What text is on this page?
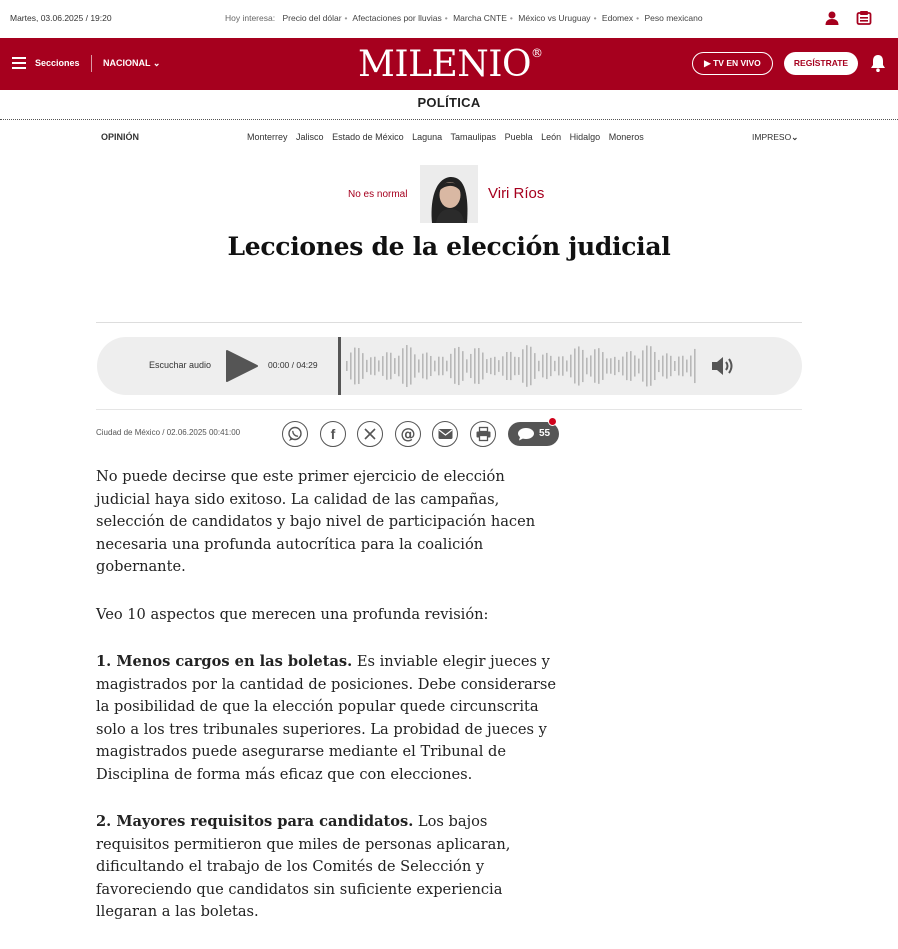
Martes, 03.06.2025 / 19:20	Hoy interesa: Precio del dólar • Afectaciones por lluvias • Marcha CNTE • México vs Uruguay • Edomex • Peso mexicano
Secciones	NACIONAL ⌄	MILENIO®
▶ TV EN VIVO	REGÍSTRATE
POLÍTICA
OPINIÓN	Monterrey Jalisco Estado de México Laguna Tamaulipas Puebla León Hidalgo Moneros	IMPRESO⌄
No es normal	Viri Ríos
Lecciones de la elección judicial
Escuchar audio	00:00 / 04:29
Ciudad de México / 02.06.2025 00:41:00	f	@	55

No puede decirse que este primer ejercicio de elección judicial haya sido exitoso. La calidad de las campañas, selección de candidatos y bajo nivel de participación hacen necesaria una profunda autocrítica para la coalición gobernante.

Veo 10 aspectos que merecen una profunda revisión:

1. Menos cargos en las boletas. Es inviable elegir jueces y magistrados por la cantidad de posiciones. Debe considerarse la posibilidad de que la elección popular quede circunscrita solo a los tres tribunales superiores. La probidad de jueces y magistrados puede asegurarse mediante el Tribunal de Disciplina de forma más eficaz que con elecciones.

2. Mayores requisitos para candidatos. Los bajos requisitos permitieron que miles de personas aplicaran, dificultando el trabajo de los Comités de Selección y favoreciendo que candidatos sin suficiente experiencia llegaran a las boletas.
